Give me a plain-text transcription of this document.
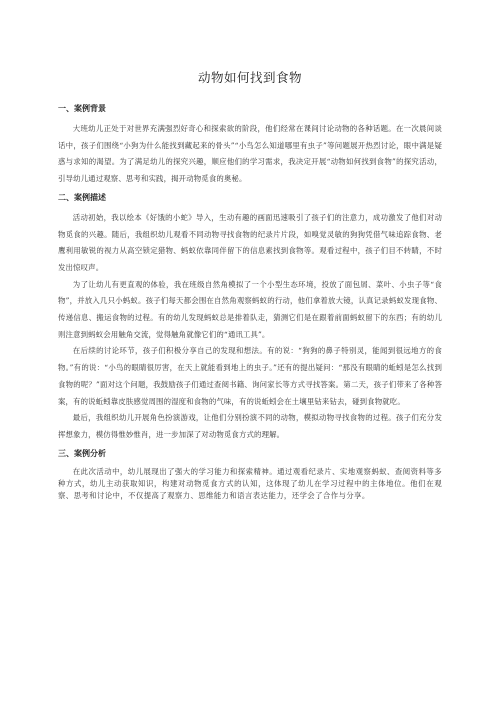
动物如何找到食物
一、案例背景

大班幼儿正处于对世界充满强烈好奇心和探索欲的阶段，他们经常在课间讨论动物的各种话题。在一次晨间谈话中，孩子们围绕“小狗为什么能找到藏起来的骨头”“小鸟怎么知道哪里有虫子”等问题展开热烈讨论，眼中满是疑惑与求知的渴望。为了满足幼儿的探究兴趣，顺应他们的学习需求，我决定开展“动物如何找到食物”的探究活动，引导幼儿通过观察、思考和实践，揭开动物觅食的奥秘。

二、案例描述

活动初始，我以绘本《好饿的小蛇》导入，生动有趣的画面迅速吸引了孩子们的注意力，成功激发了他们对动物觅食的兴趣。随后，我组织幼儿观看不同动物寻找食物的纪录片片段，如嗅觉灵敏的狗狗凭借气味追踪食物、老鹰利用敏锐的视力从高空锁定猎物、蚂蚁依靠同伴留下的信息素找到食物等。观看过程中，孩子们目不转睛，不时发出惊叹声。

为了让幼儿有更直观的体验，我在班级自然角模拟了一个小型生态环境，投放了面包屑、菜叶、小虫子等“食物”，并放入几只小蚂蚁。孩子们每天都会围在自然角观察蚂蚁的行动，他们拿着放大镜，认真记录蚂蚁发现食物、传递信息、搬运食物的过程。有的幼儿发现蚂蚁总是排着队走，猜测它们是在跟着前面蚂蚁留下的东西；有的幼儿则注意到蚂蚁会用触角交流，觉得触角就像它们的“通讯工具”。

在后续的讨论环节，孩子们积极分享自己的发现和想法。有的说：“狗狗的鼻子特别灵，能闻到很远地方的食物。”有的说：“小鸟的眼睛很厉害，在天上就能看到地上的虫子。”还有的提出疑问：“那没有眼睛的蚯蚓是怎么找到食物的呢？”面对这个问题，我鼓励孩子们通过查阅书籍、询问家长等方式寻找答案。第二天，孩子们带来了各种答案，有的说蚯蚓靠皮肤感觉周围的湿度和食物的气味，有的说蚯蚓会在土壤里钻来钻去，碰到食物就吃。

最后，我组织幼儿开展角色扮演游戏，让他们分别扮演不同的动物，模拟动物寻找食物的过程。孩子们充分发挥想象力，模仿得惟妙惟肖，进一步加深了对动物觅食方式的理解。

三、案例分析

在此次活动中，幼儿展现出了强大的学习能力和探索精神。通过观看纪录片、实地观察蚂蚁、查阅资料等多种方式，幼儿主动获取知识，构建对动物觅食方式的认知，这体现了幼儿在学习过程中的主体地位。他们在观察、思考和讨论中，不仅提高了观察力、思维能力和语言表达能力，还学会了合作与分享。
